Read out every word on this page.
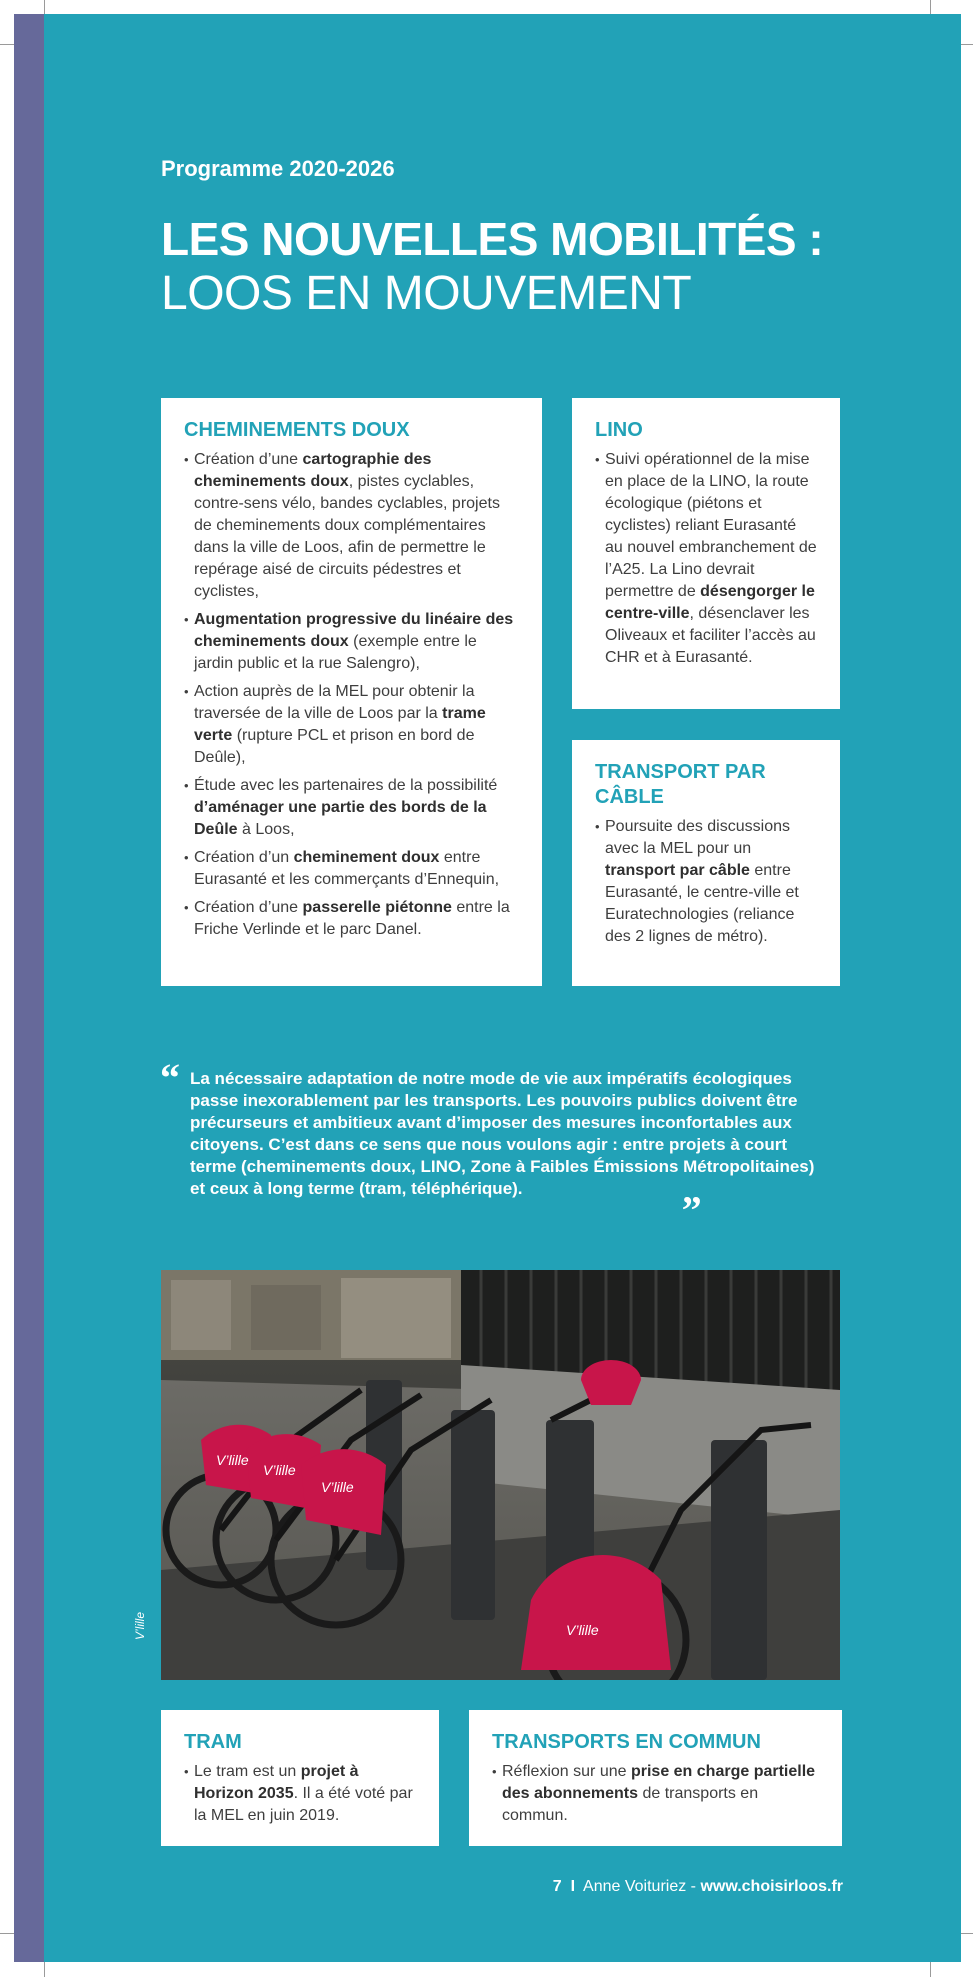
Programme 2020-2026
LES NOUVELLES MOBILITÉS :
LOOS EN MOUVEMENT
CHEMINEMENTS DOUX
• Création d’une cartographie des cheminements doux, pistes cyclables, contre-sens vélo, bandes cyclables, projets de cheminements doux complémentaires dans la ville de Loos, afin de permettre le repérage aisé de circuits pédestres et cyclistes,
• Augmentation progressive du linéaire des cheminements doux (exemple entre le jardin public et la rue Salengro),
• Action auprès de la MEL pour obtenir la traversée de la ville de Loos par la trame verte (rupture PCL et prison en bord de Deûle),
• Étude avec les partenaires de la possibilité d’aménager une partie des bords de la Deûle à Loos,
• Création d’un cheminement doux entre Eurasanté et les commerçants d’Ennequin,
• Création d’une passerelle piétonne entre la Friche Verlinde et le parc Danel.
LINO
• Suivi opérationnel de la mise en place de la LINO, la route écologique (piétons et cyclistes) reliant Eurasanté au nouvel embranchement de l’A25. La Lino devrait permettre de désengorger le centre-ville, désenclaver les Oliveaux et faciliter l’accès au CHR et à Eurasanté.
TRANSPORT PAR CÂBLE
• Poursuite des discussions avec la MEL pour un transport par câble entre Eurasanté, le centre-ville et Euratechnologies (reliance des 2 lignes de métro).
“ La nécessaire adaptation de notre mode de vie aux impératifs écologiques passe inexorablement par les transports. Les pouvoirs publics doivent être précurseurs et ambitieux avant d’imposer des mesures inconfortables aux citoyens. C’est dans ce sens que nous voulons agir : entre projets à court terme (cheminements doux, LINO, Zone à Faibles Émissions Métropolitaines) et ceux à long terme (tram, téléphérique).	„
V’lille
V’lille
V’lille
V’lille
V’lille
TRAM
• Le tram est un projet à Horizon 2035. Il a été voté par la MEL en juin 2019.
TRANSPORTS EN COMMUN
• Réflexion sur une prise en charge partielle des abonnements de transports en commun.
7 I Anne Voituriez - www.choisirloos.fr
